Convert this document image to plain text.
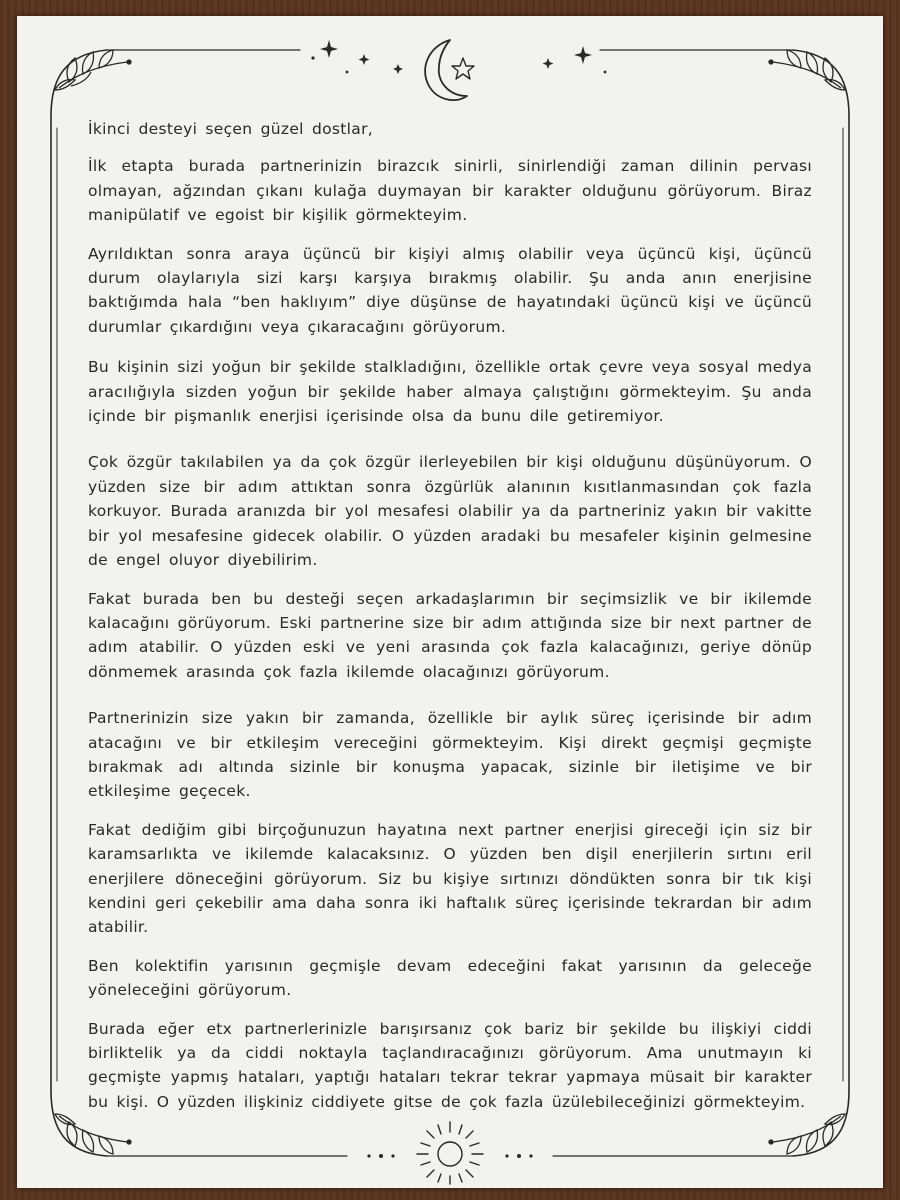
İkinci desteyi seçen güzel dostlar,

İlk etapta burada partnerinizin birazcık sinirli, sinirlendiği zaman dilinin pervası olmayan, ağzından çıkanı kulağa duymayan bir karakter olduğunu görüyorum. Biraz manipülatif ve egoist bir kişilik görmekteyim.

Ayrıldıktan sonra araya üçüncü bir kişiyi almış olabilir veya üçüncü kişi, üçüncü durum olaylarıyla sizi karşı karşıya bırakmış olabilir. Şu anda anın enerjisine baktığımda hala “ben haklıyım” diye düşünse de hayatındaki üçüncü kişi ve üçüncü durumlar çıkardığını veya çıkaracağını görüyorum.

Bu kişinin sizi yoğun bir şekilde stalkladığını, özellikle ortak çevre veya sosyal medya aracılığıyla sizden yoğun bir şekilde haber almaya çalıştığını görmekteyim. Şu anda içinde bir pişmanlık enerjisi içerisinde olsa da bunu dile getiremiyor.

Çok özgür takılabilen ya da çok özgür ilerleyebilen bir kişi olduğunu düşünüyorum. O yüzden size bir adım attıktan sonra özgürlük alanının kısıtlanmasından çok fazla korkuyor. Burada aranızda bir yol mesafesi olabilir ya da partneriniz yakın bir vakitte bir yol mesafesine gidecek olabilir. O yüzden aradaki bu mesafeler kişinin gelmesine de engel oluyor diyebilirim.

Fakat burada ben bu desteği seçen arkadaşlarımın bir seçimsizlik ve bir ikilemde kalacağını görüyorum. Eski partnerine size bir adım attığında size bir next partner de adım atabilir. O yüzden eski ve yeni arasında çok fazla kalacağınızı, geriye dönüp dönmemek arasında çok fazla ikilemde olacağınızı görüyorum.

Partnerinizin size yakın bir zamanda, özellikle bir aylık süreç içerisinde bir adım atacağını ve bir etkileşim vereceğini görmekteyim. Kişi direkt geçmişi geçmişte bırakmak adı altında sizinle bir konuşma yapacak, sizinle bir iletişime ve bir etkileşime geçecek.

Fakat dediğim gibi birçoğunuzun hayatına next partner enerjisi gireceği için siz bir karamsarlıkta ve ikilemde kalacaksınız. O yüzden ben dişil enerjilerin sırtını eril enerjilere döneceğini görüyorum. Siz bu kişiye sırtınızı döndükten sonra bir tık kişi kendini geri çekebilir ama daha sonra iki haftalık süreç içerisinde tekrardan bir adım atabilir.

Ben kolektifin yarısının geçmişle devam edeceğini fakat yarısının da geleceğe yöneleceğini görüyorum.

Burada eğer etx partnerlerinizle barışırsanız çok bariz bir şekilde bu ilişkiyi ciddi birliktelik ya da ciddi noktayla taçlandıracağınızı görüyorum. Ama unutmayın ki geçmişte yapmış hataları, yaptığı hataları tekrar tekrar yapmaya müsait bir karakter bu kişi. O yüzden ilişkiniz ciddiyete gitse de çok fazla üzülebileceğinizi görmekteyim.
